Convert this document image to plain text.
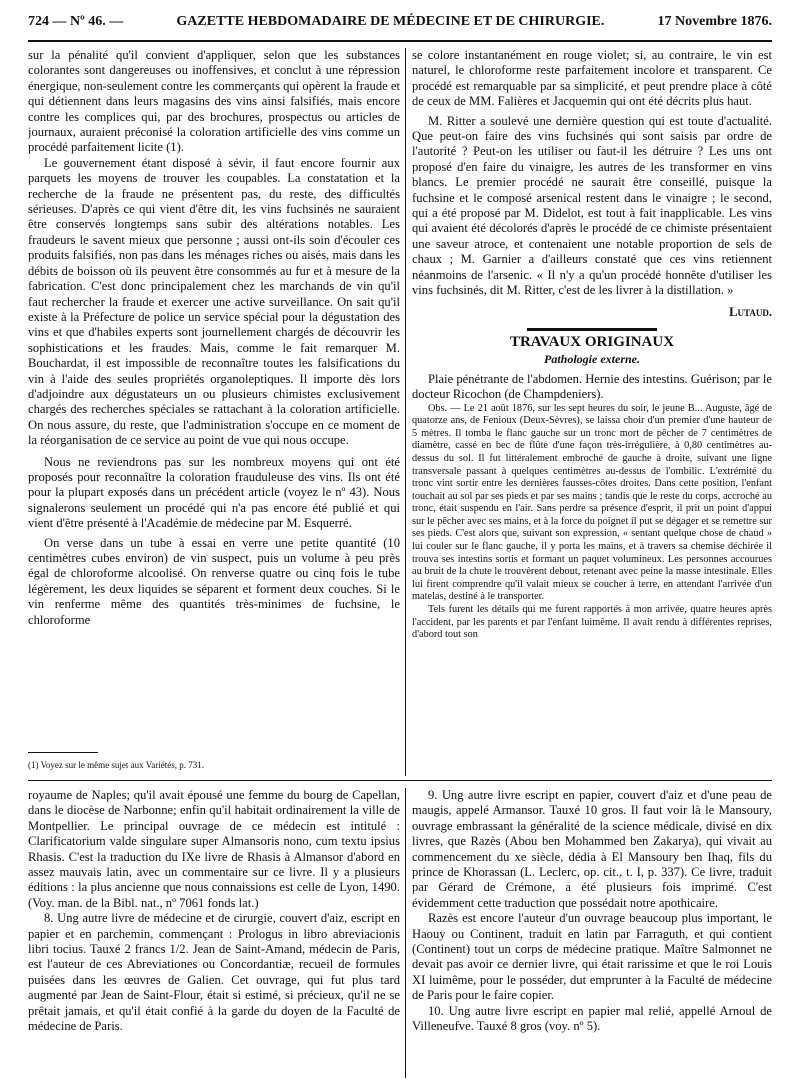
724 — Nº 46. —	GAZETTE HEBDOMADAIRE DE MÉDECINE ET DE CHIRURGIE.	17 Novembre 1876.

sur la pénalité qu'il convient d'appliquer, selon que les substances colorantes sont dangereuses ou inoffensives, et conclut à une répression énergique, non-seulement contre les commerçants qui opèrent la fraude et qui détiennent dans leurs magasins des vins ainsi falsifiés, mais encore contre les complices qui, par des brochures, prospectus ou articles de journaux, auraient préconisé la coloration artificielle des vins comme un procédé parfaitement licite (1).

Le gouvernement étant disposé à sévir, il faut encore fournir aux parquets les moyens de trouver les coupables. La constatation et la recherche de la fraude ne présentent pas, du reste, des difficultés sérieuses. D'après ce qui vient d'être dit, les vins fuchsinés ne sauraient être conservés longtemps sans subir des altérations notables. Les fraudeurs le savent mieux que personne ; aussi ont-ils soin d'écouler ces produits falsifiés, non pas dans les ménages riches ou aisés, mais dans les débits de boisson où ils peuvent être consommés au fur et à mesure de la fabrication. C'est donc principalement chez les marchands de vin qu'il faut rechercher la fraude et exercer une active surveillance. On sait qu'il existe à la Préfecture de police un service spécial pour la dégustation des vins et que d'habiles experts sont journellement chargés de découvrir les sophistications et les fraudes. Mais, comme le fait remarquer M. Bouchardat, il est impossible de reconnaître toutes les falsifications du vin à l'aide des seules propriétés organoleptiques. Il importe dès lors d'adjoindre aux dégustateurs un ou plusieurs chimistes exclusivement chargés des recherches spéciales se rattachant à la coloration artificielle. On nous assure, du reste, que l'administration s'occupe en ce moment de la réorganisation de ce service au point de vue qui nous occupe.

Nous ne reviendrons pas sur les nombreux moyens qui ont été proposés pour reconnaître la coloration frauduleuse des vins. Ils ont été pour la plupart exposés dans un précédent article (voyez le nº 43). Nous signalerons seulement un procédé qui n'a pas encore été publié et qui vient d'être présenté à l'Académie de médecine par M. Esquerré.

On verse dans un tube à essai en verre une petite quantité (10 centimètres cubes environ) de vin suspect, puis un volume à peu près égal de chloroforme alcoolisé. On renverse quatre ou cinq fois le tube légèrement, les deux liquides se séparent et forment deux couches. Si le vin renferme même des quantités très-minimes de fuchsine, le chloroforme

(1) Voyez sur le même sujet aux Variétés, p. 731.

se colore instantanément en rouge violet; si, au contraire, le vin est naturel, le chloroforme reste parfaitement incolore et transparent. Ce procédé est remarquable par sa simplicité, et peut prendre place à côté de ceux de MM. Falières et Jacquemin qui ont été décrits plus haut.

M. Ritter a soulevé une dernière question qui est toute d'actualité. Que peut-on faire des vins fuchsinés qui sont saisis par ordre de l'autorité ? Peut-on les utiliser ou faut-il les détruire ? Les uns ont proposé d'en faire du vinaigre, les autres de les transformer en vins blancs. Le premier procédé ne saurait être conseillé, puisque la fuchsine et le composé arsenical restent dans le vinaigre ; le second, qui a été proposé par M. Didelot, est tout à fait inapplicable. Les vins qui avaient été décolorés d'après le procédé de ce chimiste présentaient une saveur atroce, et contenaient une notable proportion de sels de chaux ; M. Garnier a d'ailleurs constaté que ces vins retiennent néanmoins de l'arsenic. « Il n'y a qu'un procédé honnête d'utiliser les vins fuchsinés, dit M. Ritter, c'est de les livrer à la distillation. »

Lutaud.
TRAVAUX ORIGINAUX
Pathologie externe.

Plaie pénétrante de l'abdomen. Hernie des intestins. Guérison; par le docteur Ricochon (de Champdeniers).

Obs. — Le 21 août 1876, sur les sept heures du soir, le jeune B... Auguste, âgé de quatorze ans, de Fenioux (Deux-Sèvres), se laissa choir d'un premier d'une hauteur de 5 mètres. Il tomba le flanc gauche sur un tronc mort de pêcher de 7 centimètres de diamètre, cassé en bec de flûte d'une façon très-irrégulière, à 0,80 centimètres au-dessus du sol. Il fut littéralement embroché de gauche à droite, suivant une ligne transversale passant à quelques centimètres au-dessus de l'ombilic. L'extrémité du tronc vint sortir entre les dernières fausses-côtes droites. Dans cette position, l'enfant touchait au sol par ses pieds et par ses mains ; tandis que le reste du corps, accroché au tronc, était suspendu en l'air. Sans perdre sa présence d'esprit, il prit un point d'appui sur le pêcher avec ses mains, et à la force du poignet il put se dégager et se remettre sur ses pieds. C'est alors que, suivant son expression, « sentant quelque chose de chaud » lui couler sur le flanc gauche, il y porta les mains, et à travers sa chemise déchirée il trouva ses intestins sortis et formant un paquet volumineux. Les personnes accourues au bruit de la chute le trouvèrent debout, retenant avec peine la masse intestinale. Elles lui firent comprendre qu'il valait mieux se coucher à terre, en attendant l'arrivée d'un matelas, destiné à le transporter.

Tels furent les détails qui me furent rapportés à mon arrivée, quatre heures après l'accident, par les parents et par l'enfant luimême. Il avait rendu à différentes reprises, d'abord tout son

royaume de Naples; qu'il avait épousé une femme du bourg de Capellan, dans le diocèse de Narbonne; enfin qu'il habitait ordinairement la ville de Montpellier. Le principal ouvrage de ce médecin est intitulé : Clarificatorium valde singulare super Almansoris nono, cum textu ipsius Rhasis. C'est la traduction du IXe livre de Rhasis à Almansor d'abord en assez mauvais latin, avec un commentaire sur ce livre. Il y a plusieurs éditions : la plus ancienne que nous connaissions est celle de Lyon, 1490. (Voy. man. de la Bibl. nat., nº 7061 fonds lat.)

8. Ung autre livre de médecine et de cirurgie, couvert d'aiz, escript en papier et en parchemin, commençant : Prologus in libro abreviacionis libri tocius. Tauxé 2 francs 1/2. Jean de Saint-Amand, médecin de Paris, est l'auteur de ces Abreviationes ou Concordantiæ, recueil de formules puisées dans les œuvres de Galien. Cet ouvrage, qui fut plus tard augmenté par Jean de Saint-Flour, était si estimé, si précieux, qu'il ne se prêtait jamais, et qu'il était confié à la garde du doyen de la Faculté de médecine de Paris.

9. Ung autre livre escript en papier, couvert d'aiz et d'une peau de maugis, appelé Armansor. Tauxé 10 gros. Il faut voir là le Mansoury, ouvrage embrassant la généralité de la science médicale, divisé en dix livres, que Razès (Abou ben Mohammed ben Zakarya), qui vivait au commencement du xe siècle, dédia à El Mansoury ben Ihaq, fils du prince de Khorassan (L. Leclerc, op. cit., t. I, p. 337). Ce livre, traduit par Gérard de Crémone, a été plusieurs fois imprimé. C'est évidemment cette traduction que possédait notre apothicaire.

Razès est encore l'auteur d'un ouvrage beaucoup plus important, le Haouy ou Continent, traduit en latin par Farraguth, et qui contient (Continent) tout un corps de médecine pratique. Maître Salmonnet ne devait pas avoir ce dernier livre, qui était rarissime et que le roi Louis XI luimême, pour le posséder, dut emprunter à la Faculté de médecine de Paris pour le faire copier.

10. Ung autre livre escript en papier mal relié, appellé Arnoul de Villeneufve. Tauxé 8 gros (voy. nº 5).
